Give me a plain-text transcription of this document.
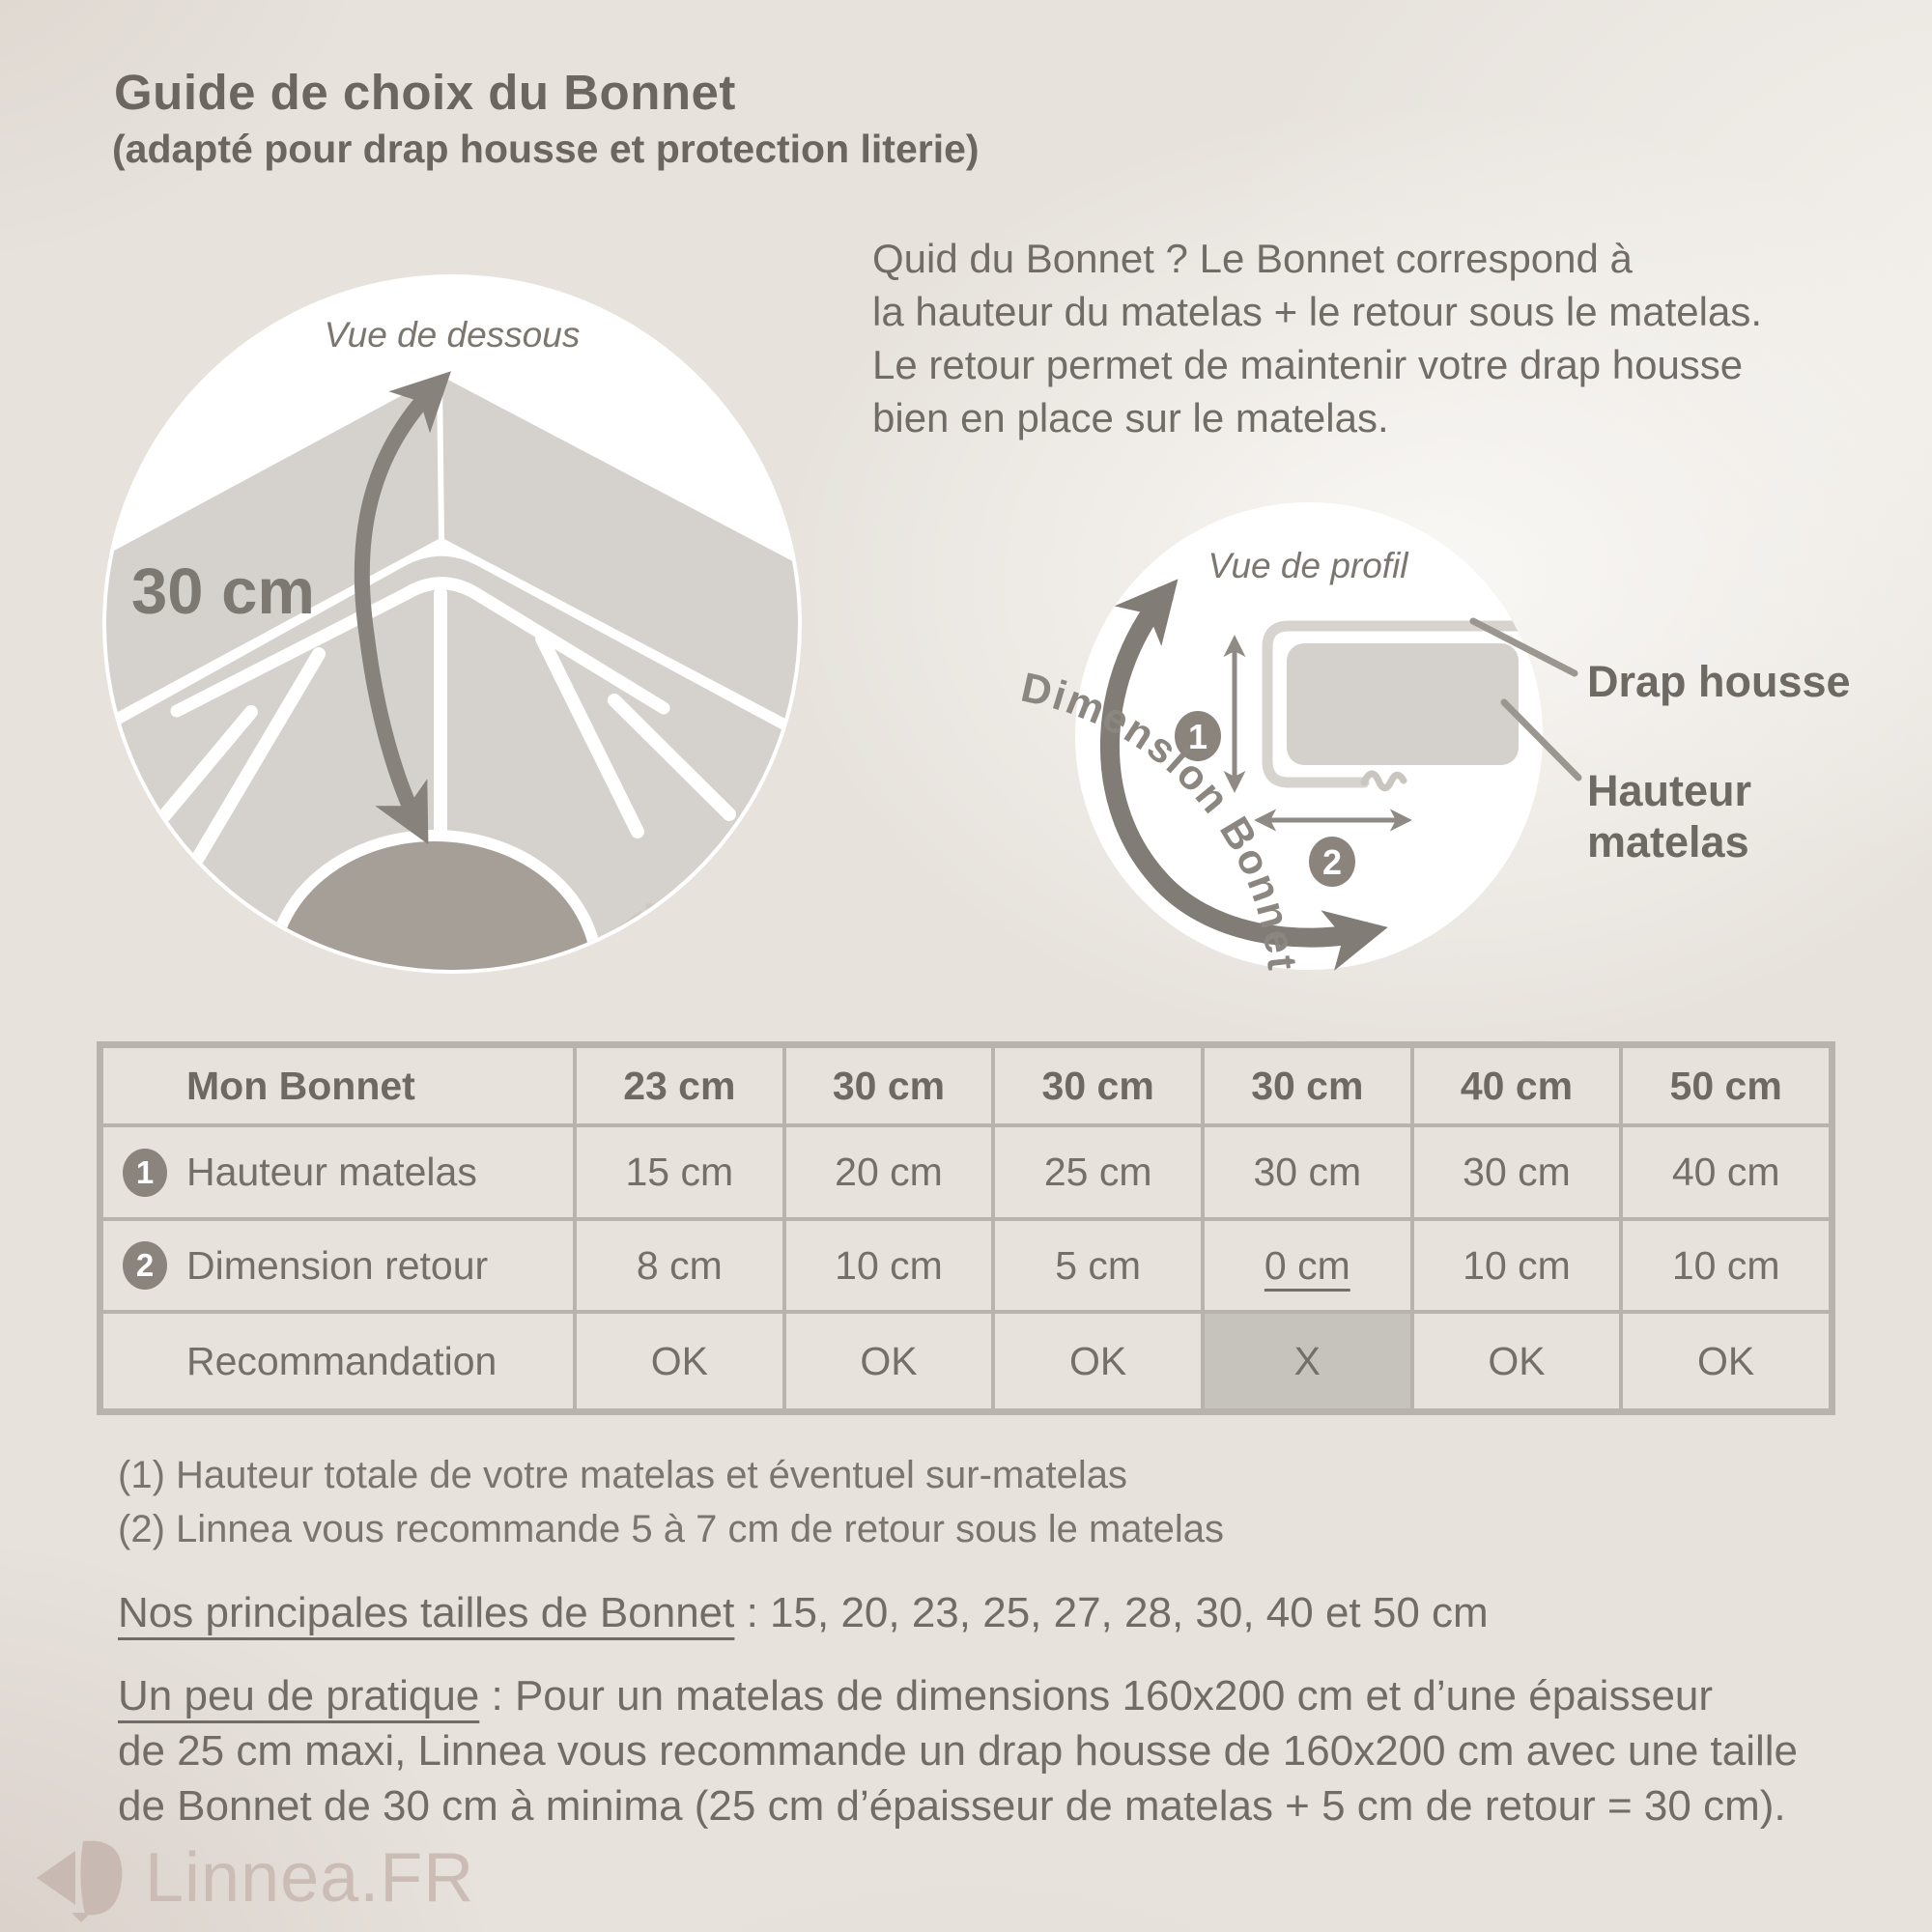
Guide de choix du Bonnet
(adapté pour drap housse et protection literie)
Quid du Bonnet ? Le Bonnet correspond à
la hauteur du matelas + le retour sous le matelas.
Le retour permet de maintenir votre drap housse
bien en place sur le matelas.
Vue de dessous
30 cm
1
2
Dimension Bonnet
Vue de profil
Drap housse
Hauteur
matelas
Mon Bonnet	23 cm	30 cm	30 cm	30 cm	40 cm	50 cm
1 Hauteur matelas	15 cm	20 cm	25 cm	30 cm	30 cm	40 cm
2 Dimension retour	8 cm	10 cm	5 cm	0 cm	10 cm	10 cm
Recommandation	OK	OK	OK	X	OK	OK
(1) Hauteur totale de votre matelas et éventuel sur-matelas
(2) Linnea vous recommande 5 à 7 cm de retour sous le matelas
Nos principales tailles de Bonnet : 15, 20, 23, 25, 27, 28, 30, 40 et 50 cm
Un peu de pratique : Pour un matelas de dimensions 160x200 cm et d’une épaisseur
de 25 cm maxi, Linnea vous recommande un drap housse de 160x200 cm avec une taille
de Bonnet de 30 cm à minima (25 cm d’épaisseur de matelas + 5 cm de retour = 30 cm).
Linnea.FR
